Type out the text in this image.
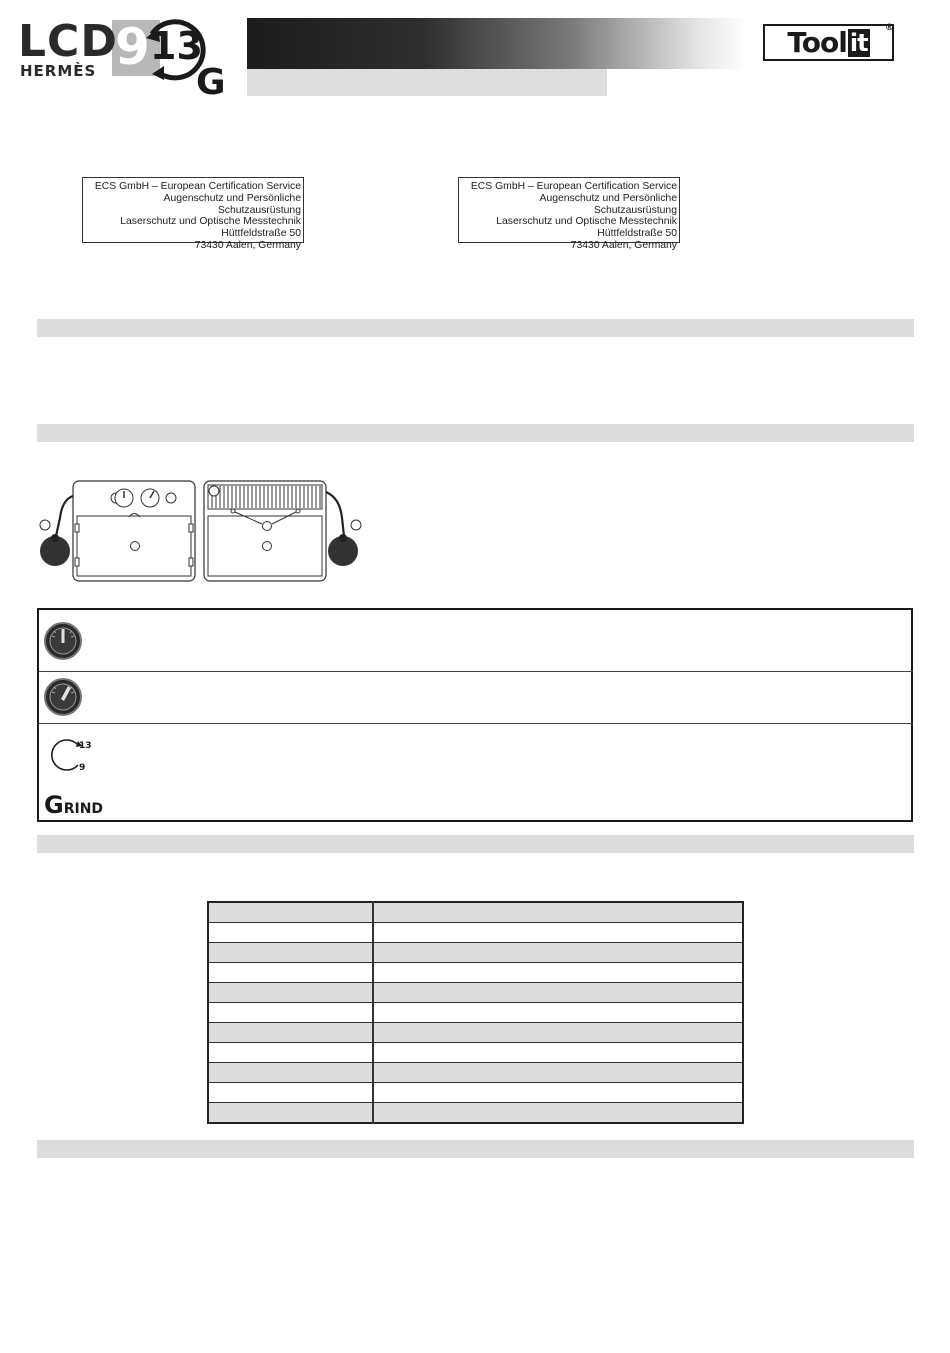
LCD
HERMÈS 9 13
G
Tool it
®
ECS GmbH – European Certification Service
Augenschutz und Persönliche Schutzausrüstung
Laserschutz und Optische Messtechnik
Hüttfeldstraße 50
73430 Aalen, Germany
ECS GmbH – European Certification Service
Augenschutz und Persönliche Schutzausrüstung
Laserschutz und Optische Messtechnik
Hüttfeldstraße 50
73430 Aalen, Germany
13
9
GRIND
